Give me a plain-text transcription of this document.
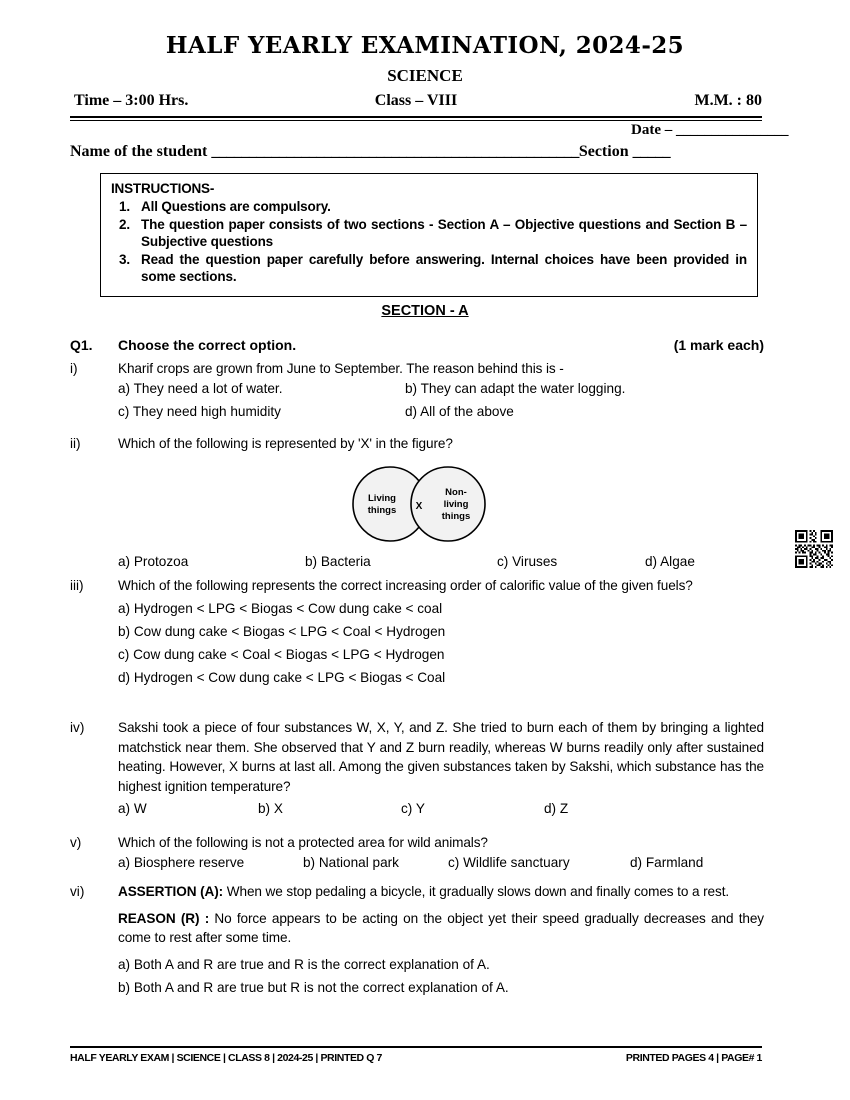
HALF YEARLY EXAMINATION, 2024-25
SCIENCE
Time – 3:00 Hrs.	Class – VIII	M.M. : 80
Date – ________________
Name of the student _________________________________________________Section _____
INSTRUCTIONS-
1. All Questions are compulsory.
2. The question paper consists of two sections - Section A – Objective questions and Section B – Subjective questions
3. Read the question paper carefully before answering. Internal choices have been provided in some sections.
SECTION - A
Q1. Choose the correct option.	(1 mark each)
i)	Kharif crops are grown from June to September. The reason behind this is -
a) They need a lot of water.	b) They can adapt the water logging.
c) They need high humidity	d) All of the above
ii)	Which of the following is represented by 'X' in the figure?
Living
things X
Non-
living
things
a) Protozoa	b) Bacteria	c) Viruses	d) Algae
iii)	Which of the following represents the correct increasing order of calorific value of the given fuels?
a) Hydrogen < LPG < Biogas < Cow dung cake < coal
b) Cow dung cake < Biogas < LPG < Coal < Hydrogen
c) Cow dung cake < Coal < Biogas < LPG < Hydrogen
d) Hydrogen < Cow dung cake < LPG < Biogas < Coal
iv)	Sakshi took a piece of four substances W, X, Y, and Z. She tried to burn each of them by bringing a lighted matchstick near them. She observed that Y and Z burn readily, whereas W burns readily only after sustained heating. However, X burns at last all. Among the given substances taken by Sakshi, which substance has the highest ignition temperature?
a) W	b) X	c) Y	d) Z
v)	Which of the following is not a protected area for wild animals?
a) Biosphere reserve	b) National park	c) Wildlife sanctuary	d) Farmland
vi)	ASSERTION (A): When we stop pedaling a bicycle, it gradually slows down and finally comes to a rest.
REASON (R) : No force appears to be acting on the object yet their speed gradually decreases and they come to rest after some time.
a) Both A and R are true and R is the correct explanation of A.
b) Both A and R are true but R is not the correct explanation of A.
HALF YEARLY EXAM | SCIENCE | CLASS 8 | 2024-25 | PRINTED Q 7	PRINTED PAGES 4 | PAGE# 1
